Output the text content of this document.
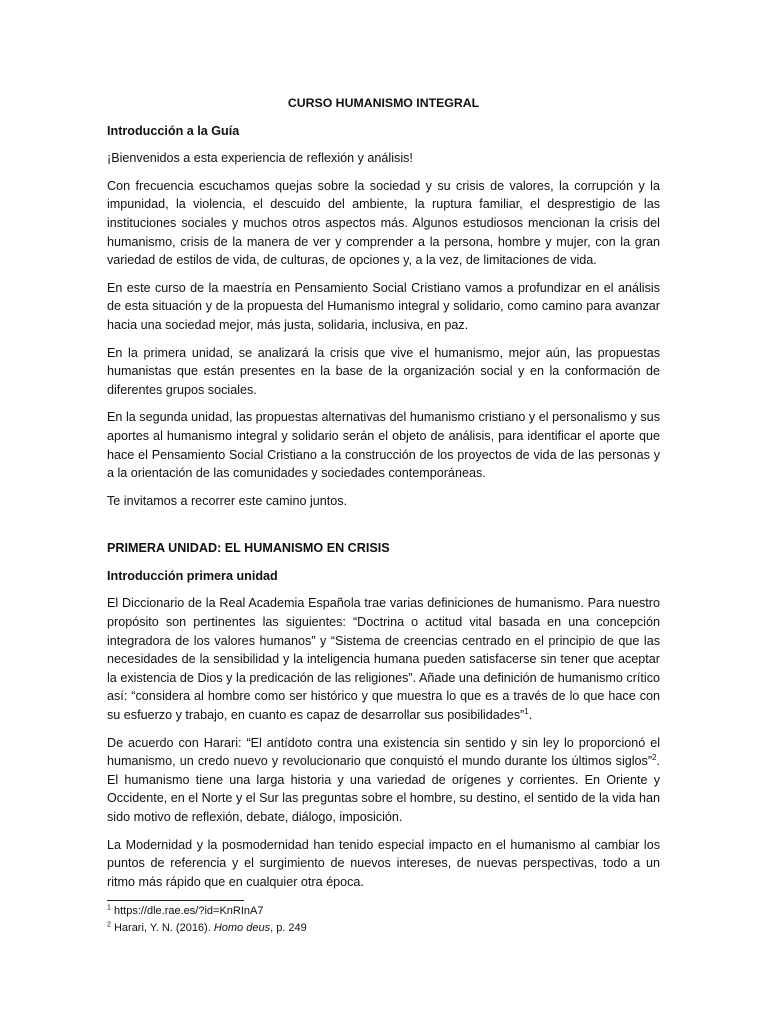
CURSO HUMANISMO INTEGRAL
Introducción a la Guía

¡Bienvenidos a esta experiencia de reflexión y análisis!

Con frecuencia escuchamos quejas sobre la sociedad y su crisis de valores, la corrupción y la impunidad, la violencia, el descuido del ambiente, la ruptura familiar, el desprestigio de las instituciones sociales y muchos otros aspectos más. Algunos estudiosos mencionan la crisis del humanismo, crisis de la manera de ver y comprender a la persona, hombre y mujer, con la gran variedad de estilos de vida, de culturas, de opciones y, a la vez, de limitaciones de vida.

En este curso de la maestría en Pensamiento Social Cristiano vamos a profundizar en el análisis de esta situación y de la propuesta del Humanismo integral y solidario, como camino para avanzar hacia una sociedad mejor, más justa, solidaria, inclusiva, en paz.

En la primera unidad, se analizará la crisis que vive el humanismo, mejor aún, las propuestas humanistas que están presentes en la base de la organización social y en la conformación de diferentes grupos sociales.

En la segunda unidad, las propuestas alternativas del humanismo cristiano y el personalismo y sus aportes al humanismo integral y solidario serán el objeto de análisis, para identificar el aporte que hace el Pensamiento Social Cristiano a la construcción de los proyectos de vida de las personas y a la orientación de las comunidades y sociedades contemporáneas.

Te invitamos a recorrer este camino juntos.

PRIMERA UNIDAD: EL HUMANISMO EN CRISIS
Introducción primera unidad

El Diccionario de la Real Academia Española trae varias definiciones de humanismo. Para nuestro propósito son pertinentes las siguientes: “Doctrina o actitud vital basada en una concepción integradora de los valores humanos” y “Sistema de creencias centrado en el principio de que las necesidades de la sensibilidad y la inteligencia humana pueden satisfacerse sin tener que aceptar la existencia de Dios y la predicación de las religiones”. Añade una definición de humanismo crítico así: “considera al hombre como ser histórico y que muestra lo que es a través de lo que hace con su esfuerzo y trabajo, en cuanto es capaz de desarrollar sus posibilidades”$^1$.

De acuerdo con Harari: “El antídoto contra una existencia sin sentido y sin ley lo proporcionó el humanismo, un credo nuevo y revolucionario que conquistó el mundo durante los últimos siglos”$^2$. El humanismo tiene una larga historia y una variedad de orígenes y corrientes. En Oriente y Occidente, en el Norte y el Sur las preguntas sobre el hombre, su destino, el sentido de la vida han sido motivo de reflexión, debate, diálogo, imposición.

La Modernidad y la posmodernidad han tenido especial impacto en el humanismo al cambiar los puntos de referencia y el surgimiento de nuevos intereses, de nuevas perspectivas, todo a un ritmo más rápido que en cualquier otra época.

$^1$ https://dle.rae.es/?id=KnRInA7
$^2$ Harari, Y. N. (2016). Homo deus, p. 249
